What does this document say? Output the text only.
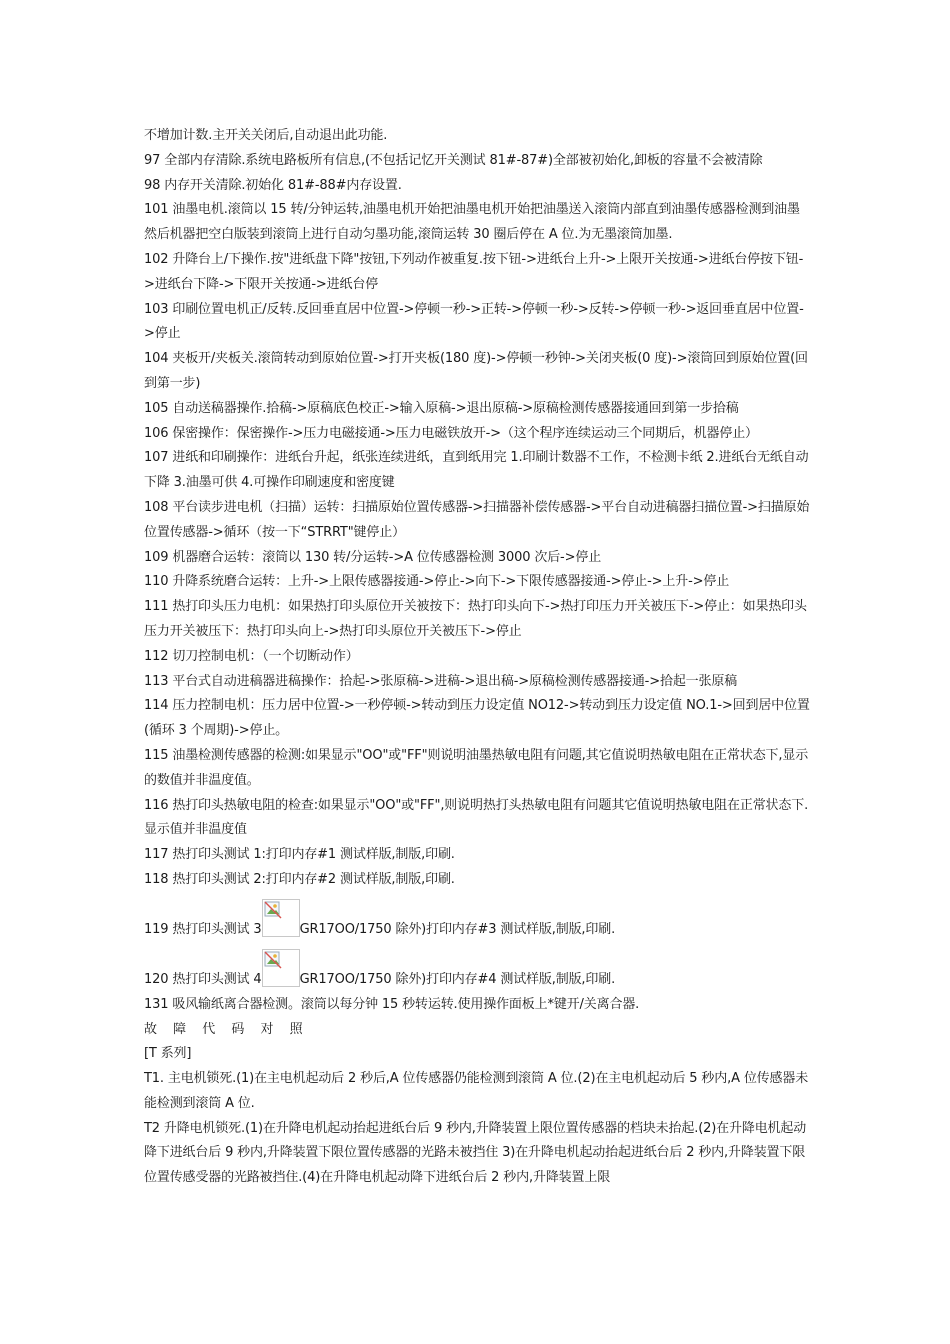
不增加计数.主开关关闭后,自动退出此功能.

97 全部内存清除.系统电路板所有信息,(不包括记忆开关测试 81#-87#)全部被初始化,卸板的容量不会被清除

98 内存开关清除.初始化 81#-88#内存设置.

101 油墨电机.滚筒以 15 转/分钟运转,油墨电机开始把油墨电机开始把油墨送入滚筒内部直到油墨传感器检测到油墨然后机器把空白版装到滚筒上进行自动匀墨功能,滚筒运转 30 圈后停在 A 位.为无墨滚筒加墨.

102 升降台上/下操作.按"进纸盘下降"按钮,下列动作被重复.按下钮->进纸台上升->上限开关按通->进纸台停按下钮->进纸台下降->下限开关按通->进纸台停

103 印刷位置电机正/反转.反回垂直居中位置->停顿一秒->正转->停顿一秒->反转->停顿一秒->返回垂直居中位置->停止

104 夹板开/夹板关.滚筒转动到原始位置->打开夹板(180 度)->停顿一秒钟->关闭夹板(0 度)->滚筒回到原始位置(回到第一步)

105 自动送稿器操作.拾稿->原稿底色校正->输入原稿->退出原稿->原稿检测传感器接通回到第一步拾稿

106 保密操作：保密操作->压力电磁接通->压力电磁铁放开->（这个程序连续运动三个同期后，机器停止）

107 进纸和印刷操作：进纸台升起，纸张连续进纸，直到纸用完 1.印刷计数器不工作，不检测卡纸 2.进纸台无纸自动下降 3.油墨可供 4.可操作印刷速度和密度键

108 平台读步进电机（扫描）运转：扫描原始位置传感器->扫描器补偿传感器->平台自动进稿器扫描位置->扫描原始位置传感器->循环（按一下“STRRT"键停止）

109 机器磨合运转：滚筒以 130 转/分运转->A 位传感器检测 3000 次后->停止

110 升降系统磨合运转：上升->上限传感器接通->停止->向下->下限传感器接通->停止->上升->停止

111 热打印头压力电机：如果热打印头原位开关被按下：热打印头向下->热打印压力开关被压下->停止：如果热印头压力开关被压下：热打印头向上->热打印头原位开关被压下->停止

112 切刀控制电机：（一个切断动作）

113 平台式自动进稿器进稿操作：拾起->张原稿->进稿->退出稿->原稿检测传感器接通->拾起一张原稿

114 压力控制电机：压力居中位置->一秒停顿->转动到压力设定值 NO12->转动到压力设定值 NO.1->回到居中位置(循环 3 个周期)->停止。

115 油墨检测传感器的检测:如果显示"OO"或"FF"则说明油墨热敏电阻有问题,其它值说明热敏电阻在正常状态下,显示的数值并非温度值。

116 热打印头热敏电阻的检查:如果显示"OO"或"FF",则说明热打头热敏电阻有问题其它值说明热敏电阻在正常状态下.显示值并非温度值

117 热打印头测试 1:打印内存#1 测试样版,制版,印刷.

118 热打印头测试 2:打印内存#2 测试样版,制版,印刷.

119 热打印头测试 3	GR17OO/1750 除外)打印内存#3 测试样版,制版,印刷.

120 热打印头测试 4	GR17OO/1750 除外)打印内存#4 测试样版,制版,印刷.

131 吸风输纸离合器检测。滚筒以每分钟 15 秒转运转.使用操作面板上*键开/关离合器.

故 障 代 码 对 照

[T 系列]

T1. 主电机锁死.(1)在主电机起动后 2 秒后,A 位传感器仍能检测到滚筒 A 位.(2)在主电机起动后 5 秒内,A 位传感器未能检测到滚筒 A 位.

T2 升降电机锁死.(1)在升降电机起动抬起进纸台后 9 秒内,升降装置上限位置传感器的档块未抬起.(2)在升降电机起动降下进纸台后 9 秒内,升降装置下限位置传感器的光路未被挡住 3)在升降电机起动抬起进纸台后 2 秒内,升降装置下限位置传感受器的光路被挡住.(4)在升降电机起动降下进纸台后 2 秒内,升降装置上限
